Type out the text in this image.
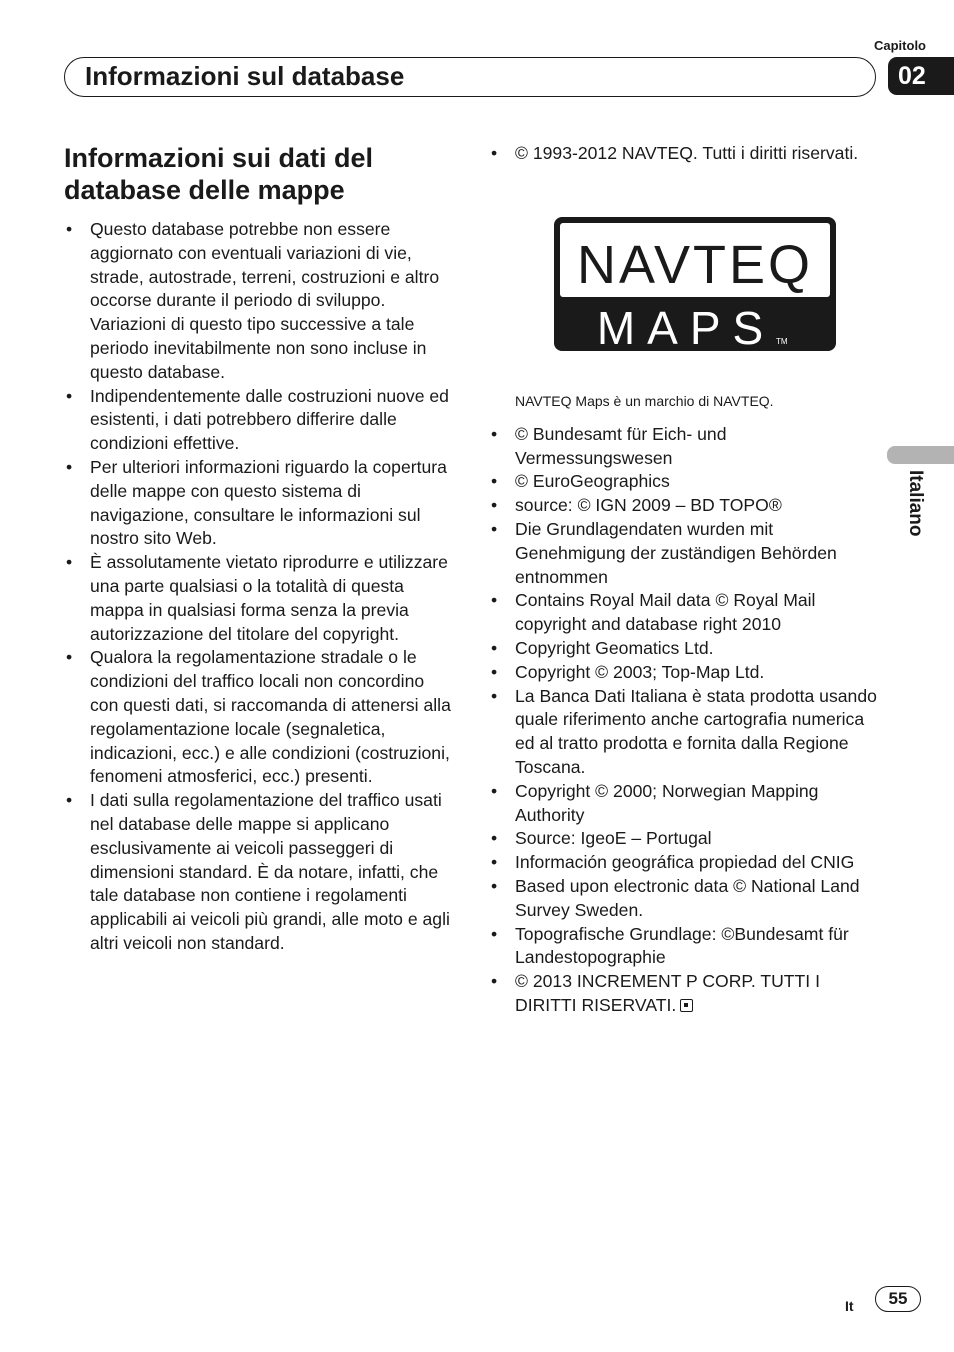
Capitolo
02
Informazioni sul database
Italiano
Informazioni sui dati del database delle mappe
• Questo database potrebbe non essere aggiornato con eventuali variazioni di vie, strade, autostrade, terreni, costruzioni e altro occorse durante il periodo di sviluppo. Variazioni di questo tipo successive a tale periodo inevitabilmente non sono incluse in questo database.
• Indipendentemente dalle costruzioni nuove ed esistenti, i dati potrebbero differire dalle condizioni effettive.
• Per ulteriori informazioni riguardo la copertura delle mappe con questo sistema di navigazione, consultare le informazioni sul nostro sito Web.
• È assolutamente vietato riprodurre e utilizzare una parte qualsiasi o la totalità di questa mappa in qualsiasi forma senza la previa autorizzazione del titolare del copyright.
• Qualora la regolamentazione stradale o le condizioni del traffico locali non concordino con questi dati, si raccomanda di attenersi alla regolamentazione locale (segnaletica, indicazioni, ecc.) e alle condizioni (costruzioni, fenomeni atmosferici, ecc.) presenti.
• I dati sulla regolamentazione del traffico usati nel database delle mappe si applicano esclusivamente ai veicoli passeggeri di dimensioni standard. È da notare, infatti, che tale database non contiene i regolamenti applicabili ai veicoli più grandi, alle moto e agli altri veicoli non standard.
• © 1993-2012 NAVTEQ. Tutti i diritti riservati.
NAVTEQ
MAPS TM
NAVTEQ Maps è un marchio di NAVTEQ.
• © Bundesamt für Eich- und Vermessungswesen
• © EuroGeographics
• source: © IGN 2009 – BD TOPO®
• Die Grundlagendaten wurden mit Genehmigung der zuständigen Behörden entnommen
• Contains Royal Mail data © Royal Mail copyright and database right 2010
• Copyright Geomatics Ltd.
• Copyright © 2003; Top-Map Ltd.
• La Banca Dati Italiana è stata prodotta usando quale riferimento anche cartografia numerica ed al tratto prodotta e fornita dalla Regione Toscana.
• Copyright © 2000; Norwegian Mapping Authority
• Source: IgeoE – Portugal
• Información geográfica propiedad del CNIG
• Based upon electronic data © National Land Survey Sweden.
• Topografische Grundlage: ©Bundesamt für Landestopographie
• © 2013 INCREMENT P CORP. TUTTI I DIRITTI RISERVATI.
It	55
